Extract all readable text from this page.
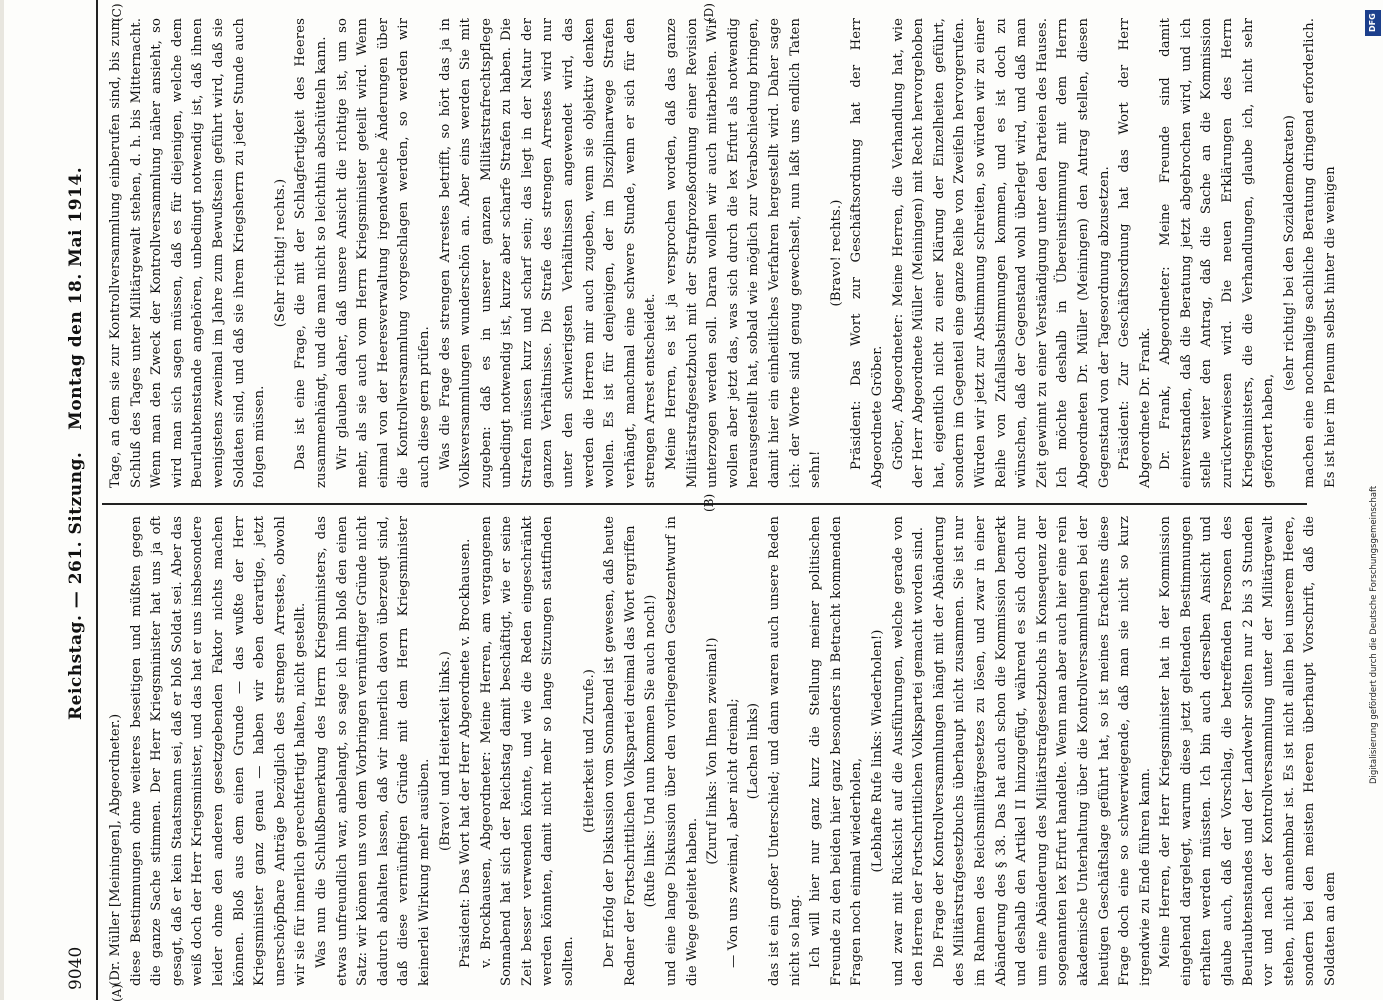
9040
Reichstag. — 261. Sitzung.
Montag den 18. Mai 1914.
(A)
(B)
(C)	(D)

(Dr. Müller [Meiningen], Abgeordneter.) diese Bestimmungen ohne weiteres beseitigen und müßten gegen die ganze Sache stimmen. Der Herr Kriegsminister hat uns ja oft gesagt, daß er kein Staatsmann sei, daß er bloß Soldat sei. Aber das weiß doch der Herr Kriegsminister, und das hat er uns insbesondere leider ohne den anderen gesetzgebenden Faktor nichts machen können. Bloß aus dem einen Grunde — das wußte der Herr Kriegsminister ganz genau — haben wir eben derartige, jetzt unerschöpfbare Anträge bezüglich des strengen Arrestes, obwohl wir sie für innerlich gerechtfertigt halten, nicht gestellt. Was nun die Schlußbemerkung des Herrn Kriegsministers, das etwas unfreundlich war, anbelangt, so sage ich ihm bloß den einen Satz: wir können uns von dem Vorbringen vernünftiger Gründe nicht dadurch abhalten lassen, daß wir innerlich davon überzeugt sind, daß diese vernünftigen Gründe mit dem Herrn Kriegsminister keinerlei Wirkung mehr ausüben.

(Bravo! und Heiterkeit links.) Präsident: Das Wort hat der Herr Abgeordnete v. Brockhausen. v. Brockhausen, Abgeordneter: Meine Herren, am vergangenen Sonnabend hat sich der Reichstag damit beschäftigt, wie er seine Zeit besser verwenden könnte, und wie die Reden eingeschränkt werden könnten, damit nicht mehr so lange Sitzungen stattfinden sollten.

(Heiterkeit und Zurufe.) Der Erfolg der Diskussion vom Sonnabend ist gewesen, daß heute Redner der Fortschrittlichen Volkspartei dreimal das Wort ergriffen (Rufe links: Und nun kommen Sie auch noch!) und eine lange Diskussion über den vorliegenden Gesetzentwurf in die Wege geleitet haben.

(Zuruf links: Von Ihnen zweimal!) — Von uns zweimal, aber nicht dreimal; (Lachen links) das ist ein großer Unterschied; und dann waren auch unsere Reden nicht so lang. Ich will hier nur ganz kurz die Stellung meiner politischen Freunde zu den beiden hier ganz besonders in Betracht kommenden Fragen noch einmal wiederholen, (Lebhafte Rufe links: Wiederholen!) und zwar mit Rücksicht auf die Ausführungen, welche gerade von den Herren der Fortschrittlichen Volkspartei gemacht worden sind. Die Frage der Kontrollversammlungen hängt mit der Abänderung des Militärstrafgesetzbuchs überhaupt nicht zusammen. Sie ist nur im Rahmen des Reichsmilitärgesetzes zu lösen, und zwar in einer Abänderung des § 38. Das hat auch schon die Kommission bemerkt und deshalb den Artikel II hinzugefügt, während es sich doch nur um eine Abänderung des Militärstrafgesetzbuchs in Konsequenz der sogenannten lex Erfurt handelte. Wenn man aber auch hier eine rein akademische Unterhaltung über die Kontrollversammlungen bei der heutigen Geschäftslage geführt hat, so ist meines Erachtens diese Frage doch eine so schwerwiegende, daß man sie nicht so kurz irgendwie zu Ende führen kann. Meine Herren, der Herr Kriegsminister hat in der Kommission eingehend dargelegt, warum diese jetzt geltenden Bestimmungen erhalten werden müssten. Ich bin auch derselben Ansicht und glaube auch, daß der Vorschlag, die betreffenden Personen des Beurlaubtenstandes und der Landwehr sollten nur 2 bis 3 Stunden vor und nach der Kontrollversammlung unter der Militärgewalt stehen, nicht annehmbar ist. Es ist nicht allein bei unserem Heere, sondern bei den meisten Heeren überhaupt Vorschrift, daß die Soldaten an dem

Tage, an dem sie zur Kontrollversammlung einberufen sind, bis zum Schluß des Tages unter Militärgewalt stehen, d. h. bis Mitternacht. Wenn man den Zweck der Kontrollversammlung näher ansieht, so wird man sich sagen müssen, daß es für diejenigen, welche dem Beurlaubtenstande angehören, unbedingt notwendig ist, daß ihnen wenigstens zweimal im Jahre zum Bewußtsein geführt wird, daß sie Soldaten sind, und daß sie ihrem Kriegsherrn zu jeder Stunde auch folgen müssen.

(Sehr richtig! rechts.) Das ist eine Frage, die mit der Schlagfertigkeit des Heeres zusammenhängt, und die man nicht so leichthin abschütteln kann. Wir glauben daher, daß unsere Ansicht die richtige ist, um so mehr, als sie auch vom Herrn Kriegsminister geteilt wird. Wenn einmal von der Heeresverwaltung irgendwelche Änderungen über die Kontrollversammlung vorgeschlagen werden, so werden wir auch diese gern prüfen. Was die Frage des strengen Arrestes betrifft, so hört das ja in Volksversammlungen wunderschön an. Aber eins werden Sie mit zugeben: daß es in unserer ganzen Militärstrafrechtspflege unbedingt notwendig ist, kurze aber scharfe Strafen zu haben. Die Strafen müssen kurz und scharf sein; das liegt in der Natur der ganzen Verhältnisse. Die Strafe des strengen Arrestes wird nur unter den schwierigsten Verhältnissen angewendet wird, das werden die Herren mir auch zugeben, wenn sie objektiv denken wollen. Es ist für denjenigen, der im Disziplinarwege Strafen verhängt, manchmal eine schwere Stunde, wenn er sich für den strengen Arrest entscheidet. Meine Herren, es ist ja versprochen worden, daß das ganze Militärstrafgesetzbuch mit der Strafprozeßordnung einer Revision unterzogen werden soll. Daran wollen wir auch mitarbeiten. Wir wollen aber jetzt das, was sich durch die lex Erfurt als notwendig herausgestellt hat, sobald wie möglich zur Verabschiedung bringen, damit hier ein einheitliches Verfahren hergestellt wird. Daher sage ich: der Worte sind genug gewechselt, nun laßt uns endlich Taten sehn!

(Bravo! rechts.) Präsident: Das Wort zur Geschäftsordnung hat der Herr Abgeordnete Gröber. Gröber, Abgeordneter: Meine Herren, die Verhandlung hat, wie der Herr Abgeordnete Müller (Meiningen) mit Recht hervorgehoben hat, eigentlich nicht zu einer Klärung der Einzelheiten geführt, sondern im Gegenteil eine ganze Reihe von Zweifeln hervorgerufen. Würden wir jetzt zur Abstimmung schreiten, so würden wir zu einer Reihe von Zufallsabstimmungen kommen, und es ist doch zu wünschen, daß der Gegenstand wohl überlegt wird, und daß man Zeit gewinnt zu einer Verständigung unter den Parteien des Hauses. Ich möchte deshalb in Übereinstimmung mit dem Herrn Abgeordneten Dr. Müller (Meiningen) den Antrag stellen, diesen Gegenstand von der Tagesordnung abzusetzen. Präsident: Zur Geschäftsordnung hat das Wort der Herr Abgeordnete Dr. Frank. Dr. Frank, Abgeordneter: Meine Freunde sind damit einverstanden, daß die Beratung jetzt abgebrochen wird, und ich stelle weiter den Antrag, daß die Sache an die Kommission zurückverwiesen wird. Die neuen Erklärungen des Herrn Kriegsministers, die die Verhandlungen, glaube ich, nicht sehr gefördert haben,

(sehr richtig! bei den Sozialdemokraten) machen eine nochmalige sachliche Beratung dringend erforderlich. Es ist hier im Plenum selbst hinter die wenigen

DFG
Digitalisierung gefördert durch die Deutsche Forschungsgemeinschaft
